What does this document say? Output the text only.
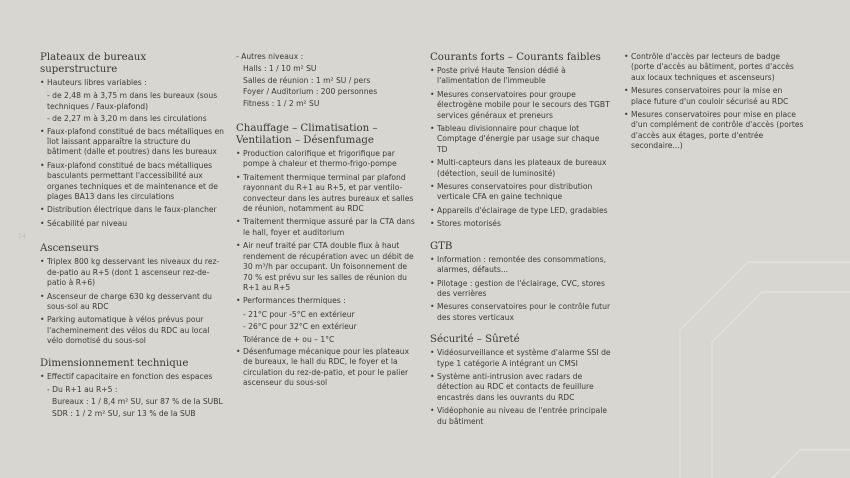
14
Plateaux de bureaux superstructure
• Hauteurs libres variables :
- de 2,48 m à 3,75 m dans les bureaux (sous techniques / Faux-plafond)
- de 2,27 m à 3,20 m dans les circulations
• Faux-plafond constitué de bacs métalliques en îlot laissant apparaître la structure du bâtiment (dalle et poutres) dans les bureaux
• Faux-plafond constitué de bacs métalliques basculants permettant l'accessibilité aux organes techniques et de maintenance et de plages BA13 dans les circulations
• Distribution électrique dans le faux-plancher
• Sécabilité par niveau
Ascenseurs
• Triplex 800 kg desservant les niveaux du rez-de-patio au R+5 (dont 1 ascenseur rez-de-patio à R+6)
• Ascenseur de charge 630 kg desservant du sous-sol au RDC
• Parking automatique à vélos prévus pour l'acheminement des vélos du RDC au local vélo domotisé du sous-sol
Dimensionnement technique
• Effectif capacitaire en fonction des espaces
- Du R+1 au R+5 :
Bureaux : 1 / 8,4 m² SU, sur 87 % de la SUBL
SDR : 1 / 2 m² SU, sur 13 % de la SUB
- Autres niveaux :
Halls : 1 / 10 m² SU
Salles de réunion : 1 m² SU / pers
Foyer / Auditorium : 200 personnes
Fitness : 1 / 2 m² SU
Chauffage – Climatisation – Ventilation – Désenfumage
• Production calorifique et frigorifique par pompe à chaleur et thermo-frigo-pompe
• Traitement thermique terminal par plafond rayonnant du R+1 au R+5, et par ventilo-convecteur dans les autres bureaux et salles de réunion, notamment au RDC
• Traitement thermique assuré par la CTA dans le hall, foyer et auditorium
• Air neuf traité par CTA double flux à haut rendement de récupération avec un débit de 30 m³/h par occupant. Un foisonnement de 70 % est prévu sur les salles de réunion du R+1 au R+5
• Performances thermiques :
- 21°C pour -5°C en extérieur
- 26°C pour 32°C en extérieur
Tolérance de + ou – 1°C
• Désenfumage mécanique pour les plateaux de bureaux, le hall du RDC, le foyer et la circulation du rez-de-patio, et pour le palier ascenseur du sous-sol
Courants forts – Courants faibles
• Poste privé Haute Tension dédié à l'alimentation de l'immeuble
• Mesures conservatoires pour groupe électrogène mobile pour le secours des TGBT services généraux et preneurs
• Tableau divisionnaire pour chaque lot Comptage d'énergie par usage sur chaque TD
• Multi-capteurs dans les plateaux de bureaux (détection, seuil de luminosité)
• Mesures conservatoires pour distribution verticale CFA en gaine technique
• Appareils d'éclairage de type LED, gradables
• Stores motorisés
GTB
• Information : remontée des consommations, alarmes, défauts...
• Pilotage : gestion de l'éclairage, CVC, stores des verrières
• Mesures conservatoires pour le contrôle futur des stores verticaux
Sécurité – Sûreté
• Vidéosurveillance et système d'alarme SSI de type 1 catégorie A intégrant un CMSI
• Système anti-intrusion avec radars de détection au RDC et contacts de feuillure encastrés dans les ouvrants du RDC
• Vidéophonie au niveau de l'entrée principale du bâtiment
• Contrôle d'accès par lecteurs de badge (porte d'accès au bâtiment, portes d'accès aux locaux techniques et ascenseurs)
• Mesures conservatoires pour la mise en place future d'un couloir sécurisé au RDC
• Mesures conservatoires pour mise en place d'un complément de contrôle d'accès (portes d'accès aux étages, porte d'entrée secondaire...)
